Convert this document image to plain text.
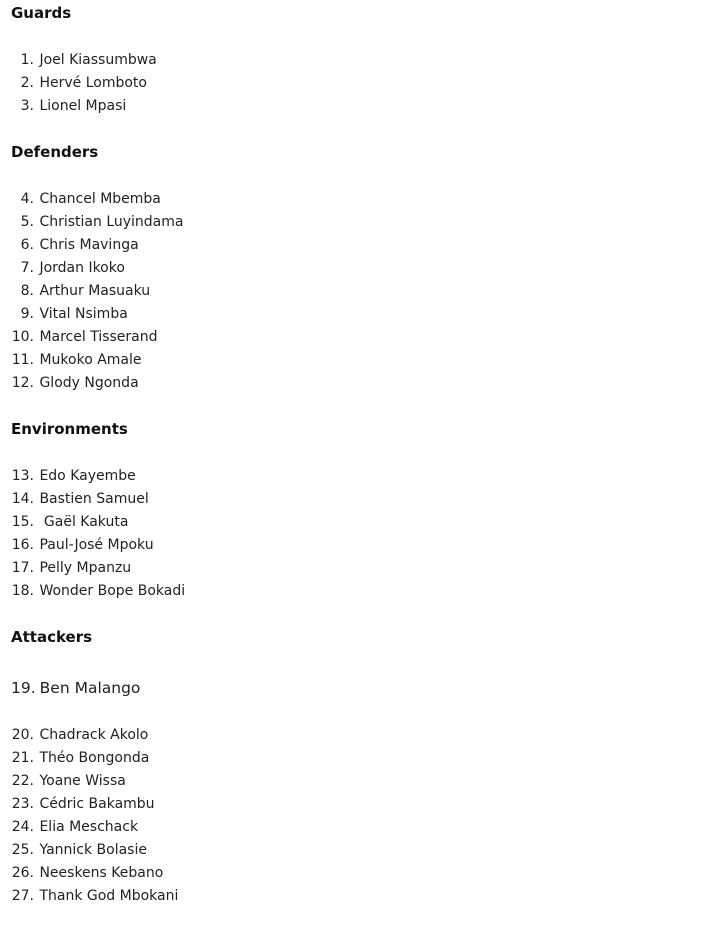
Guards
1. Joel Kiassumbwa
2. Hervé Lomboto
3. Lionel Mpasi
Defenders
4. Chancel Mbemba
5. Christian Luyindama
6. Chris Mavinga
7. Jordan Ikoko
8. Arthur Masuaku
9. Vital Nsimba
10. Marcel Tisserand
11. Mukoko Amale
12. Glody Ngonda
Environments
13. Edo Kayembe
14. Bastien Samuel
15.  Gaël Kakuta
16. Paul-José Mpoku
17. Pelly Mpanzu
18. Wonder Bope Bokadi
Attackers
19. Ben Malango
20. Chadrack Akolo
21. Théo Bongonda
22. Yoane Wissa
23. Cédric Bakambu
24. Elia Meschack
25. Yannick Bolasie
26. Neeskens Kebano
27. Thank God Mbokani
